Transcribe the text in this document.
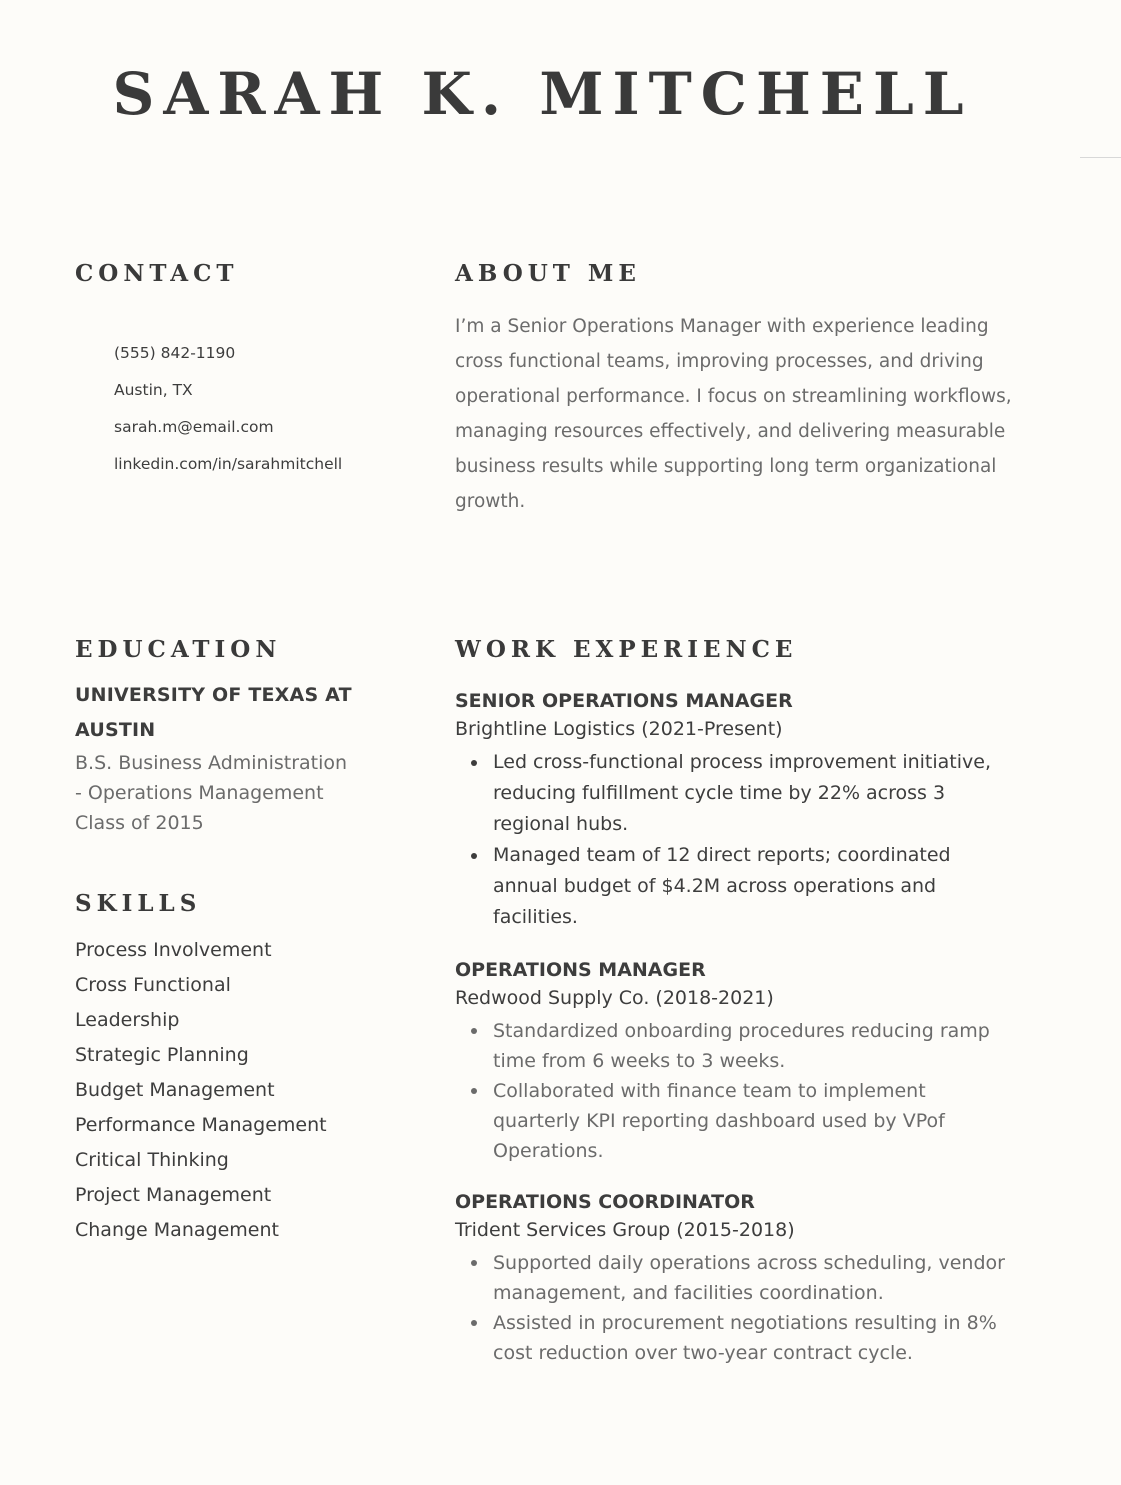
SARAH K. MITCHELL
CONTACT
(555) 842-1190
Austin, TX
sarah.m@email.com
linkedin.com/in/sarahmitchell
ABOUT ME

I’m a Senior Operations Manager with experience leading cross functional teams, improving processes, and driving operational performance. I focus on streamlining workflows, managing resources effectively, and delivering measurable business results while supporting long term organizational growth.

EDUCATION

UNIVERSITY OF TEXAS AT AUSTIN

B.S. Business Administration

- Operations Management

Class of 2015

SKILLS
Process Involvement
Cross Functional
Leadership
Strategic Planning
Budget Management
Performance Management
Critical Thinking
Project Management
Change Management
WORK EXPERIENCE

SENIOR OPERATIONS MANAGER

Brightline Logistics (2021-Present)

Led cross-functional process improvement initiative, reducing fulfillment cycle time by 22% across 3 regional hubs.
Managed team of 12 direct reports; coordinated annual budget of $4.2M across operations and facilities.

OPERATIONS MANAGER

Redwood Supply Co. (2018-2021)

Standardized onboarding procedures reducing ramp time from 6 weeks to 3 weeks.
Collaborated with finance team to implement quarterly KPI reporting dashboard used by VPof Operations.

OPERATIONS COORDINATOR

Trident Services Group (2015-2018)

Supported daily operations across scheduling, vendor management, and facilities coordination.
Assisted in procurement negotiations resulting in 8% cost reduction over two-year contract cycle.
